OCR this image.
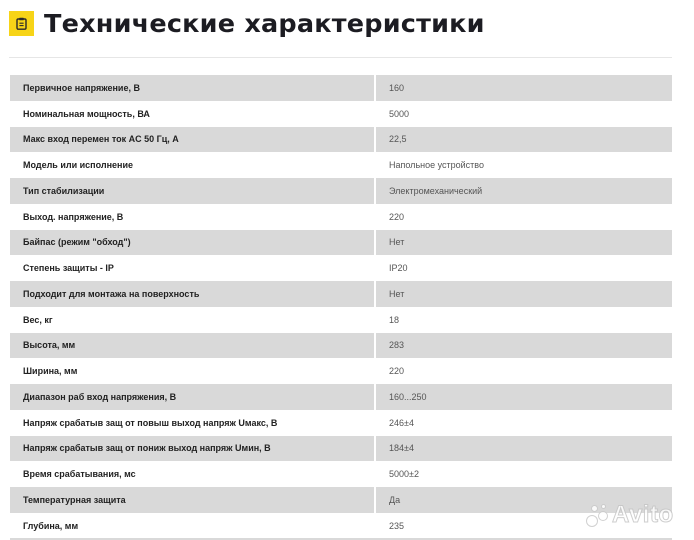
Технические характеристики
Первичное напряжение, В	160
Номинальная мощность, ВА	5000
Макс вход перемен ток AC 50 Гц, А	22,5
Модель или исполнение	Напольное устройство
Тип стабилизации	Электромеханический
Выход. напряжение, В	220
Байпас (режим "обход")	Нет
Степень защиты - IP	IP20
Подходит для монтажа на поверхность	Нет
Вес, кг	18
Высота, мм	283
Ширина, мм	220
Диапазон раб вход напряжения, В	160...250
Напряж срабатыв защ от повыш выход напряж Uмакс, В	246±4
Напряж срабатыв защ от пониж выход напряж Uмин, В	184±4
Время срабатывания, мс	5000±2
Температурная защита	Да
Глубина, мм	235	Avito
